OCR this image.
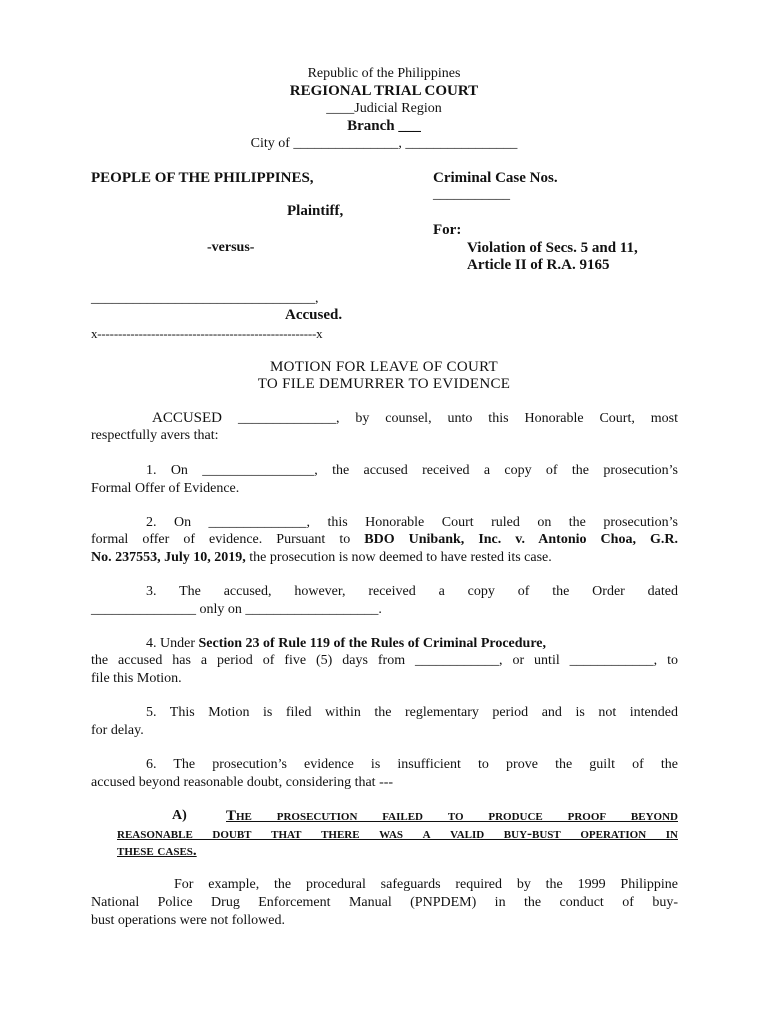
Republic of the Philippines
REGIONAL TRIAL COURT
____Judicial Region
Branch ___
City of _______________, ________________
PEOPLE OF THE PHILIPPINES,
Plaintiff,
-versus-
________________________________,
Accused.
x-----------------------------------------------------x
Criminal Case Nos.
___________
For:
Violation of Secs. 5 and 11,
Article II of R.A. 9165
MOTION FOR LEAVE OF COURT
TO FILE DEMURRER TO EVIDENCE
ACCUSED ______________, by counsel, unto this Honorable Court, most
respectfully avers that:
1. On ________________, the accused received a copy of the prosecution’s
Formal Offer of Evidence.
2. On ______________, this Honorable Court ruled on the prosecution’s
formal offer of evidence. Pursuant to BDO Unibank, Inc. v. Antonio Choa, G.R.
No. 237553, July 10, 2019, the prosecution is now deemed to have rested its case.
3. The accused, however, received a copy of the Order dated
_______________ only on ___________________.
4. Under Section 23 of Rule 119 of the Rules of Criminal Procedure,
the accused has a period of five (5) days from ____________, or until ____________, to
file this Motion.
5. This Motion is filed within the reglementary period and is not intended
for delay.
6. The prosecution’s evidence is insufficient to prove the guilt of the
accused beyond reasonable doubt, considering that ---
A)	The prosecution failed to produce proof beyond
reasonable doubt that there was a valid buy-bust operation in
these cases.
For example, the procedural safeguards required by the 1999 Philippine
National Police Drug Enforcement Manual (PNPDEM) in the conduct of buy-
bust operations were not followed.
